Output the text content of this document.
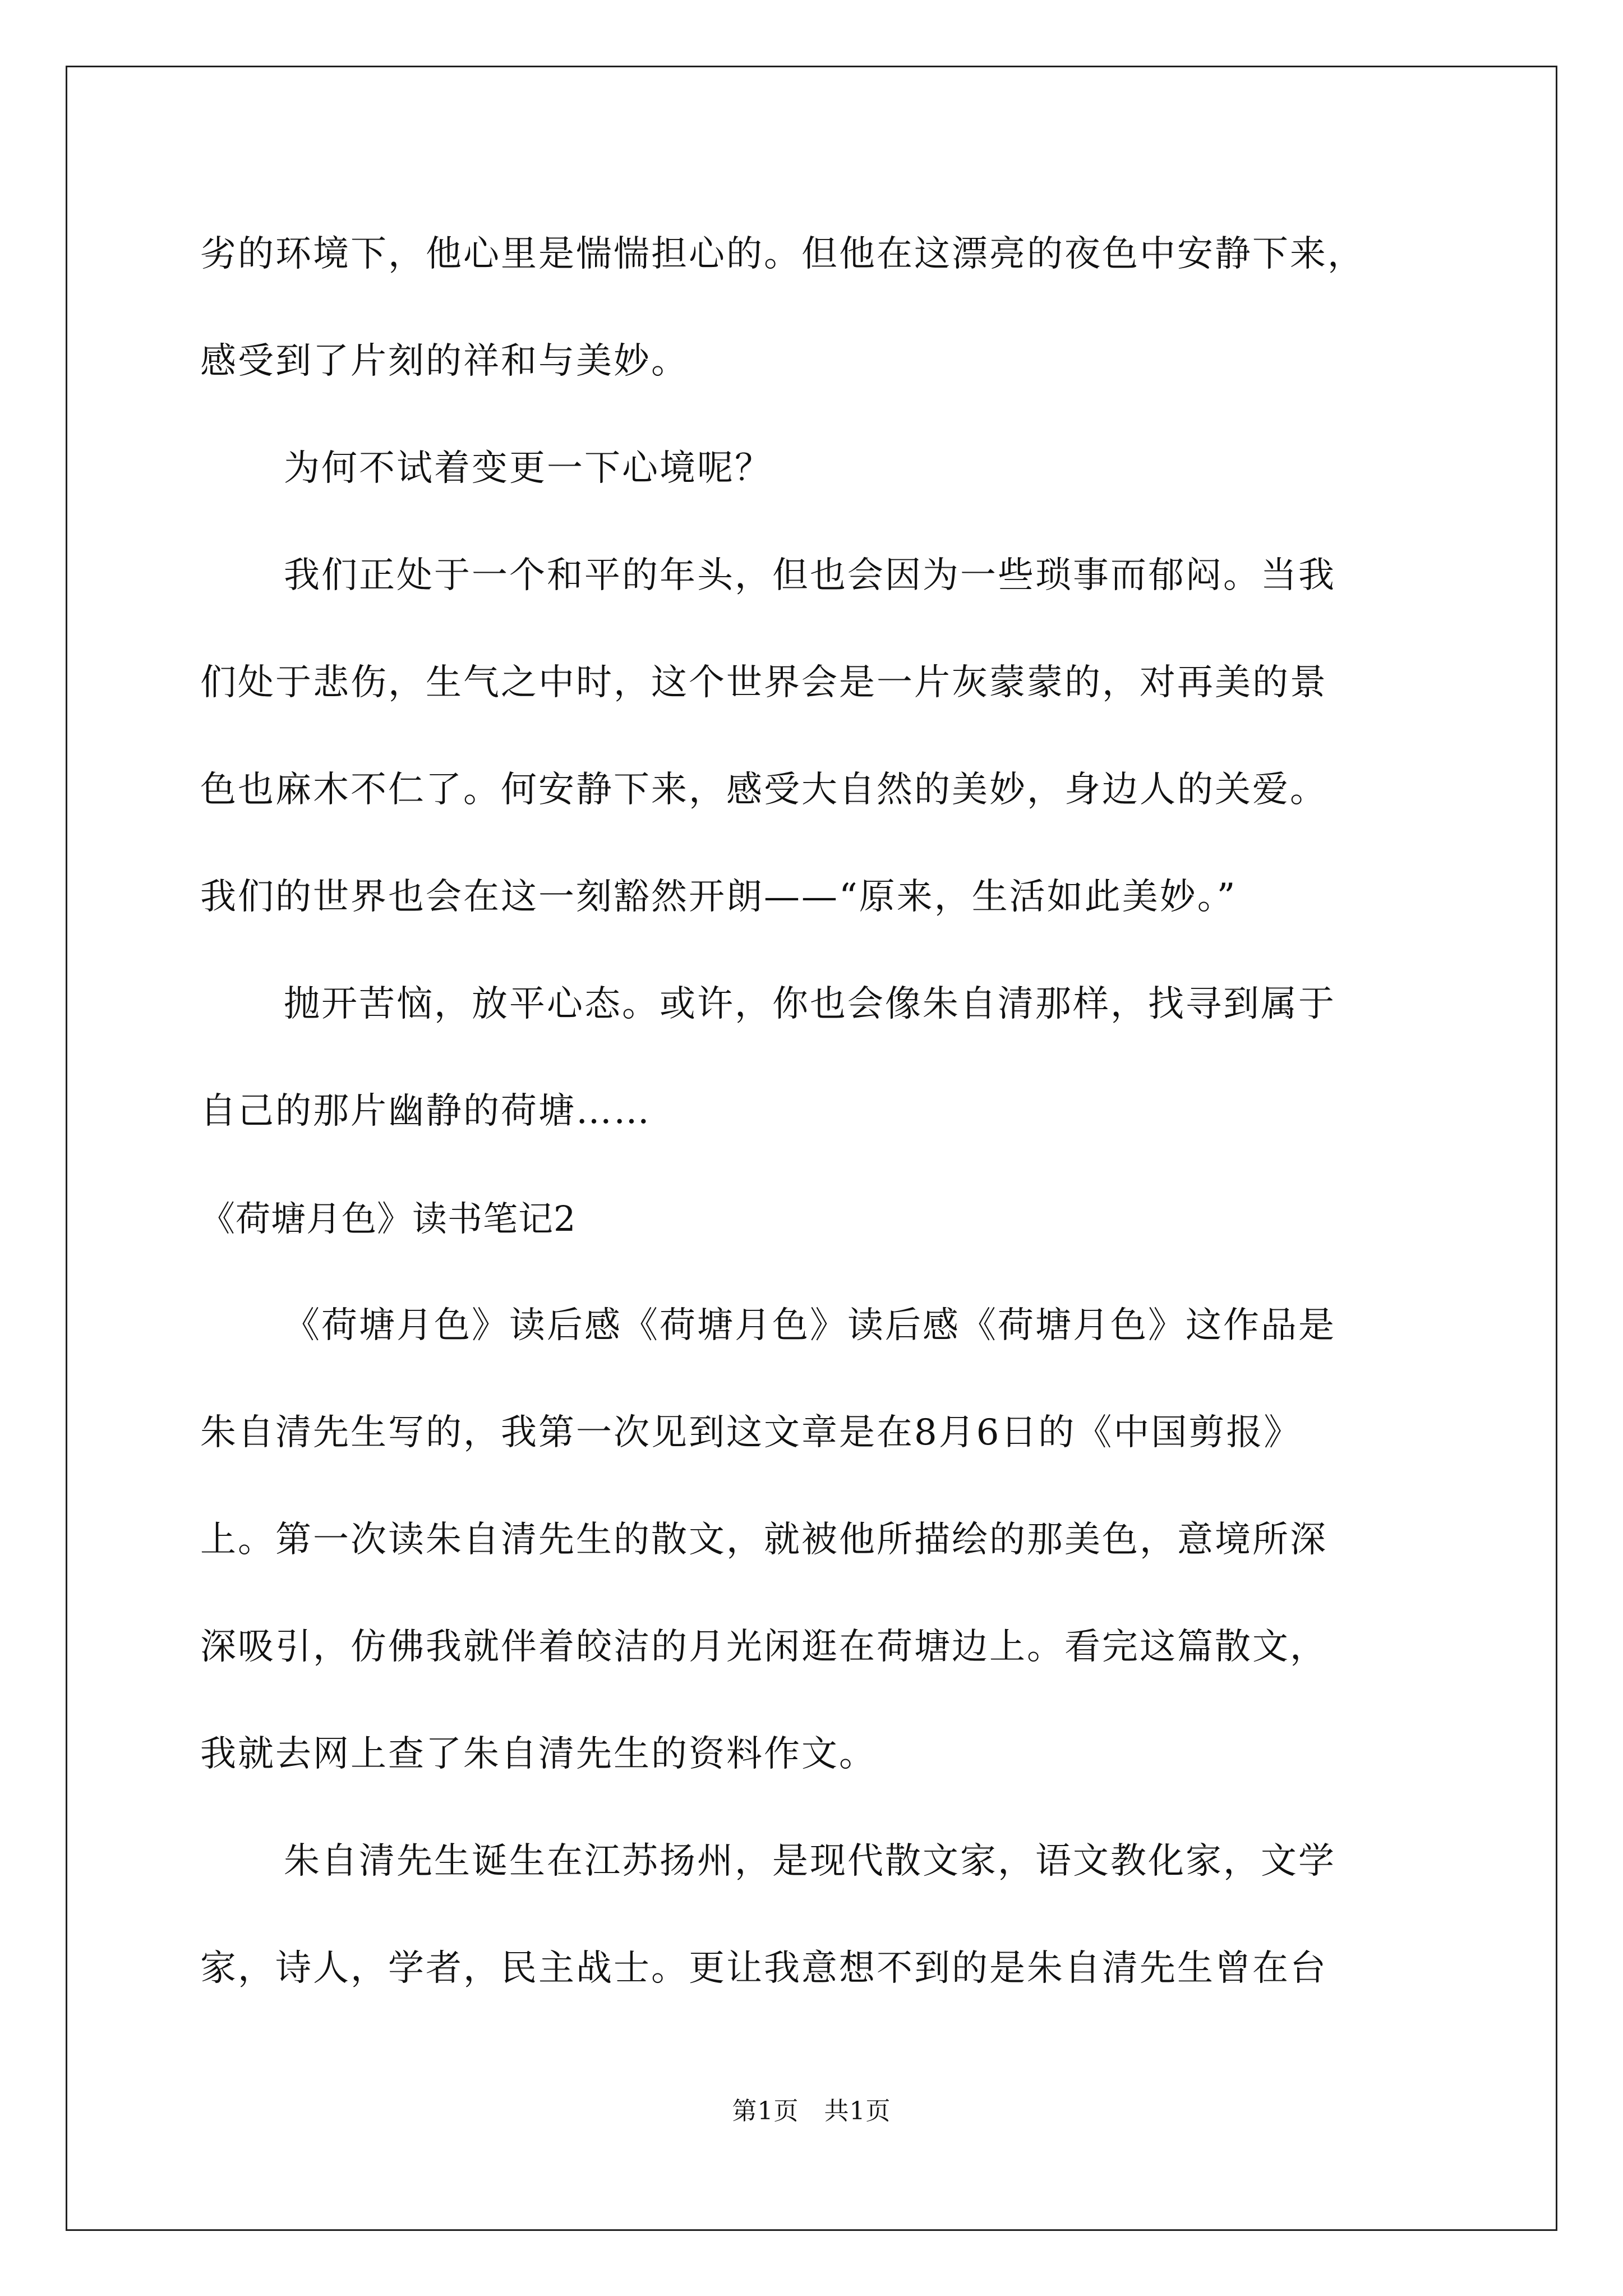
劣的环境下，他心里是惴惴担心的。但他在这漂亮的夜色中安静下来，
感受到了片刻的祥和与美妙。
为何不试着变更一下心境呢？
我们正处于一个和平的年头，但也会因为一些琐事而郁闷。当我
们处于悲伤，生气之中时，这个世界会是一片灰蒙蒙的，对再美的景
色也麻木不仁了。何安静下来，感受大自然的美妙，身边人的关爱。
我们的世界也会在这一刻豁然开朗——“原来，生活如此美妙。”
抛开苦恼，放平心态。或许，你也会像朱自清那样，找寻到属于
自己的那片幽静的荷塘……
《荷塘月色》读书笔记2
《荷塘月色》读后感《荷塘月色》读后感《荷塘月色》这作品是
朱自清先生写的，我第一次见到这文章是在8月6日的《中国剪报》
上。第一次读朱自清先生的散文，就被他所描绘的那美色，意境所深
深吸引，仿佛我就伴着皎洁的月光闲逛在荷塘边上。看完这篇散文，
我就去网上查了朱自清先生的资料作文。
朱自清先生诞生在江苏扬州，是现代散文家，语文教化家，文学
家，诗人，学者，民主战士。更让我意想不到的是朱自清先生曾在台
第1页　共1页
